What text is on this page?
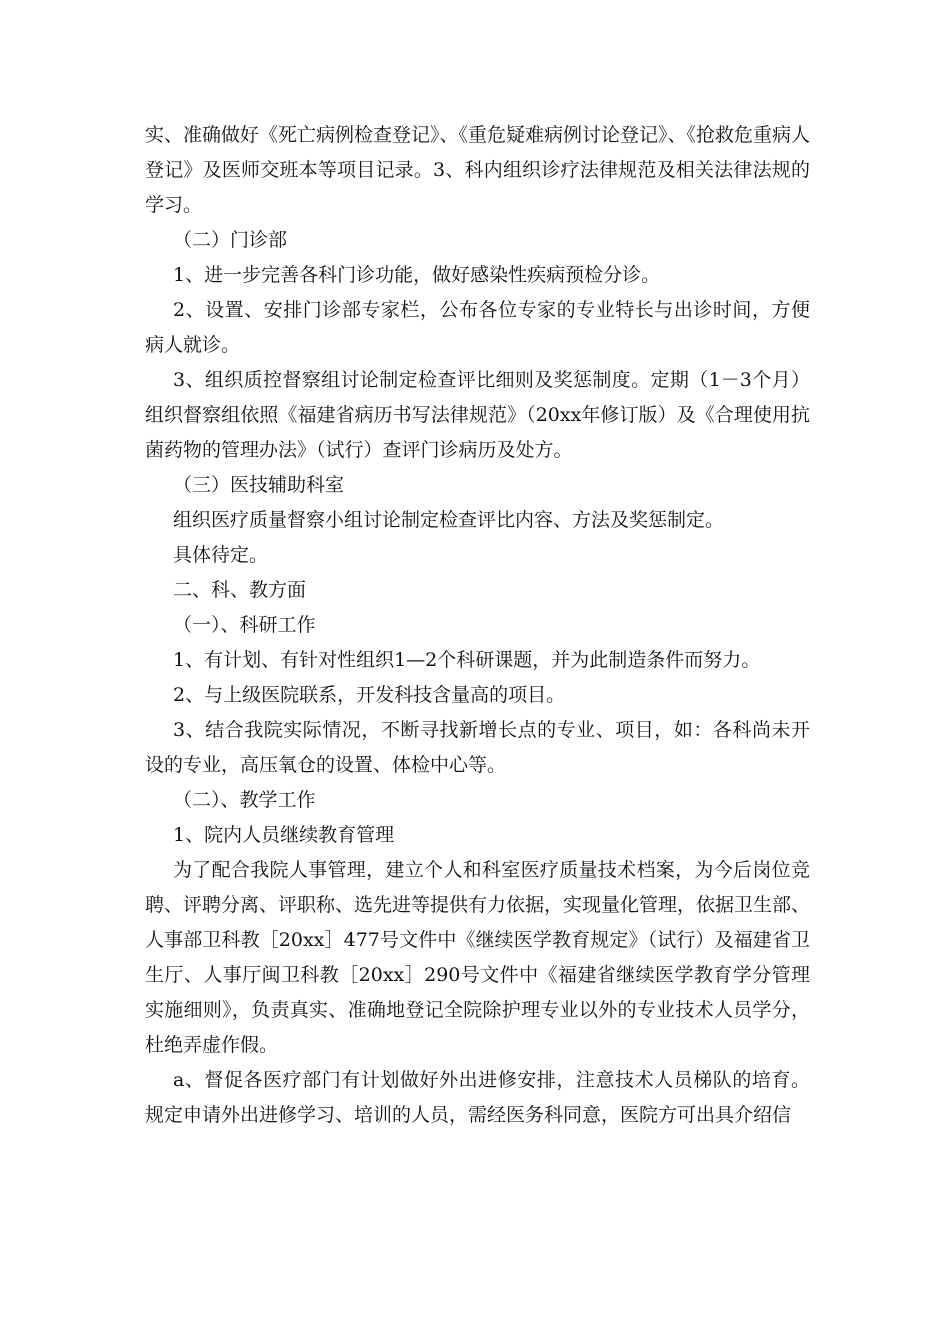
实、准确做好《死亡病例检查登记》、《重危疑难病例讨论登记》、《抢救危重病人登记》及医师交班本等项目记录。3、科内组织诊疗法律规范及相关法律法规的学习。

（二）门诊部

1、进一步完善各科门诊功能，做好感染性疾病预检分诊。

2、设置、安排门诊部专家栏，公布各位专家的专业特长与出诊时间，方便病人就诊。

3、组织质控督察组讨论制定检查评比细则及奖惩制度。定期（1－3个月）组织督察组依照《福建省病历书写法律规范》（20xx年修订版）及《合理使用抗菌药物的管理办法》（试行）查评门诊病历及处方。

（三）医技辅助科室

组织医疗质量督察小组讨论制定检查评比内容、方法及奖惩制定。

具体待定。

二、科、教方面

（一）、科研工作

1、有计划、有针对性组织1—2个科研课题，并为此制造条件而努力。

2、与上级医院联系，开发科技含量高的项目。

3、结合我院实际情况，不断寻找新增长点的专业、项目，如：各科尚未开设的专业，高压氧仓的设置、体检中心等。

（二）、教学工作

1、院内人员继续教育管理

为了配合我院人事管理，建立个人和科室医疗质量技术档案，为今后岗位竞聘、评聘分离、评职称、选先进等提供有力依据，实现量化管理，依据卫生部、人事部卫科教［20xx］477号文件中《继续医学教育规定》（试行）及福建省卫生厅、人事厅闽卫科教［20xx］290号文件中《福建省继续医学教育学分管理实施细则》，负责真实、准确地登记全院除护理专业以外的专业技术人员学分，杜绝弄虚作假。

a、督促各医疗部门有计划做好外出进修安排，注意技术人员梯队的培育。规定申请外出进修学习、培训的人员，需经医务科同意，医院方可出具介绍信
